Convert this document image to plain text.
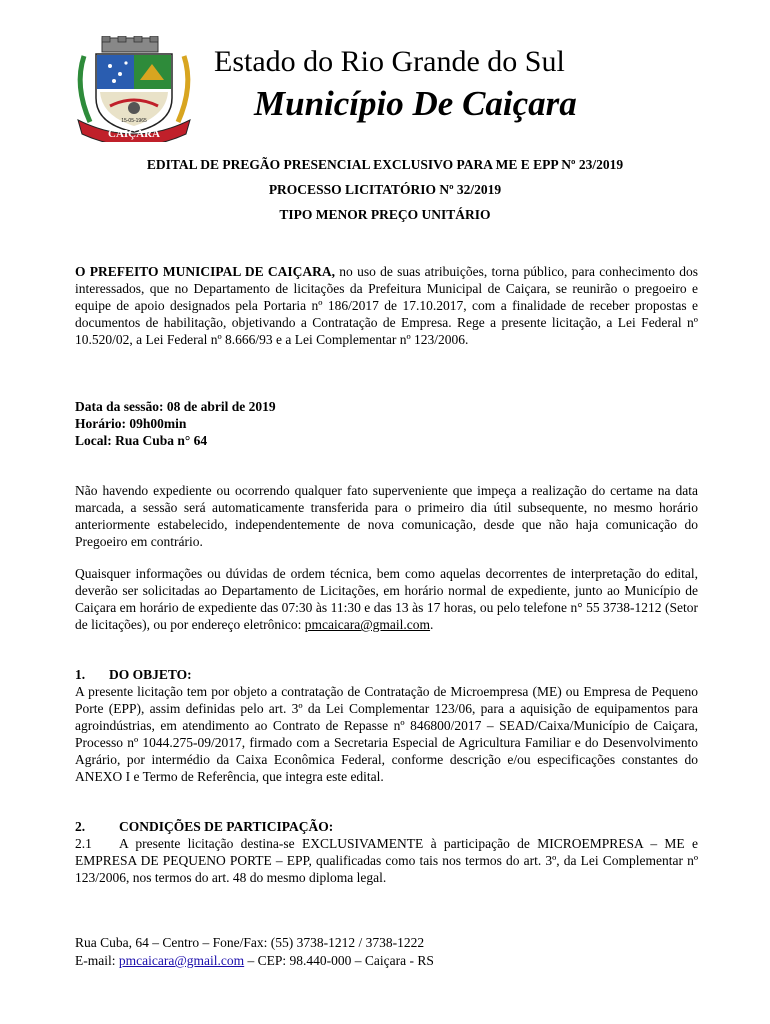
CAIÇARA
15-05-1965
Estado do Rio Grande do Sul
Município De Caiçara
EDITAL DE PREGÃO PRESENCIAL EXCLUSIVO PARA ME E EPP Nº 23/2019
PROCESSO LICITATÓRIO Nº 32/2019
TIPO MENOR PREÇO UNITÁRIO
O PREFEITO MUNICIPAL DE CAIÇARA, no uso de suas atribuições, torna público, para conhecimento dos interessados, que no Departamento de licitações da Prefeitura Municipal de Caiçara, se reunirão o pregoeiro e equipe de apoio designados pela Portaria nº 186/2017 de 17.10.2017, com a finalidade de receber propostas e documentos de habilitação, objetivando a Contratação de Empresa. Rege a presente licitação, a Lei Federal nº 10.520/02, a Lei Federal nº 8.666/93 e a Lei Complementar nº 123/2006.
Data da sessão: 08 de abril de 2019
Horário: 09h00min
Local: Rua Cuba n° 64
Não havendo expediente ou ocorrendo qualquer fato superveniente que impeça a realização do certame na data marcada, a sessão será automaticamente transferida para o primeiro dia útil subsequente, no mesmo horário anteriormente estabelecido, independentemente de nova comunicação, desde que não haja comunicação do Pregoeiro em contrário.
Quaisquer informações ou dúvidas de ordem técnica, bem como aquelas decorrentes de interpretação do edital, deverão ser solicitadas ao Departamento de Licitações, em horário normal de expediente, junto ao Município de Caiçara em horário de expediente das 07:30 às 11:30 e das 13 às 17 horas, ou pelo telefone n° 55 3738-1212 (Setor de licitações), ou por endereço eletrônico: pmcaicara@gmail.com.
1. DO OBJETO:
A presente licitação tem por objeto a contratação de Contratação de Microempresa (ME) ou Empresa de Pequeno Porte (EPP), assim definidas pelo art. 3º da Lei Complementar 123/06, para a aquisição de equipamentos para agroindústrias, em atendimento ao Contrato de Repasse nº 846800/2017 – SEAD/Caixa/Município de Caiçara, Processo nº 1044.275-09/2017, firmado com a Secretaria Especial de Agricultura Familiar e do Desenvolvimento Agrário, por intermédio da Caixa Econômica Federal, conforme descrição e/ou especificações constantes do ANEXO I e Termo de Referência, que integra este edital.
2.	CONDIÇÕES DE PARTICIPAÇÃO:
2.1 A presente licitação destina-se EXCLUSIVAMENTE à participação de MICROEMPRESA – ME e EMPRESA DE PEQUENO PORTE – EPP, qualificadas como tais nos termos do art. 3º, da Lei Complementar nº 123/2006, nos termos do art. 48 do mesmo diploma legal.
Rua Cuba, 64 – Centro – Fone/Fax: (55) 3738-1212 / 3738-1222
E-mail: pmcaicara@gmail.com – CEP: 98.440-000 – Caiçara - RS
